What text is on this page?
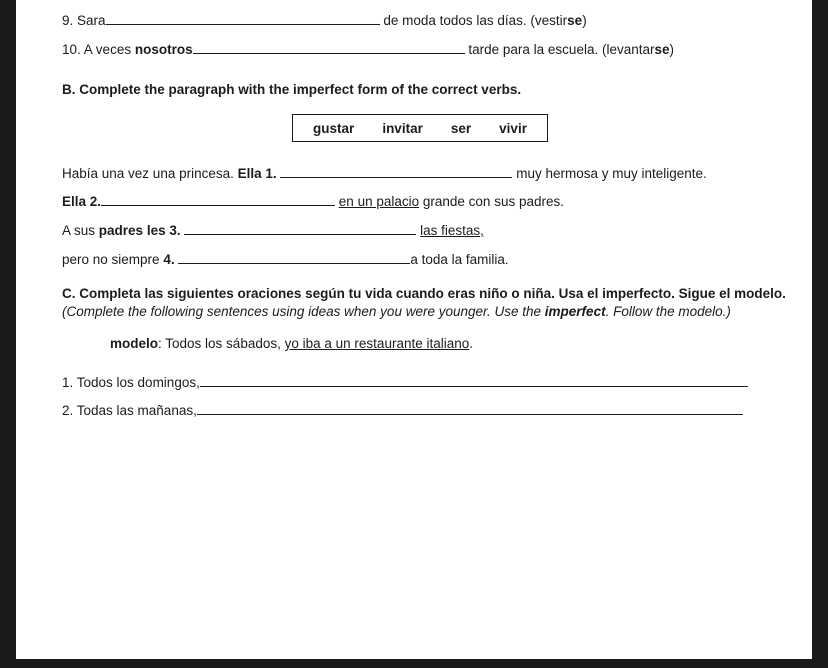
9. Sara	de moda todos las días. (vestirse)
10. A veces nosotros	tarde para la escuela. (levantarse)
B. Complete the paragraph with the imperfect form of the correct verbs.
gustar invitar ser vivir
Había una vez una princesa. Ella 1.	muy hermosa y muy inteligente.
Ella 2.	en un palacio grande con sus padres.
A sus padres les 3.	las fiestas,
pero no siempre 4.	a toda la familia.
C. Completa las siguientes oraciones según tu vida cuando eras niño o niña. Usa el imperfecto. Sigue el modelo.
(Complete the following sentences using ideas when you were younger. Use the imperfect. Follow the modelo.)
modelo: Todos los sábados, yo iba a un restaurante italiano.
1. Todos los domingos,
2. Todas las mañanas,
